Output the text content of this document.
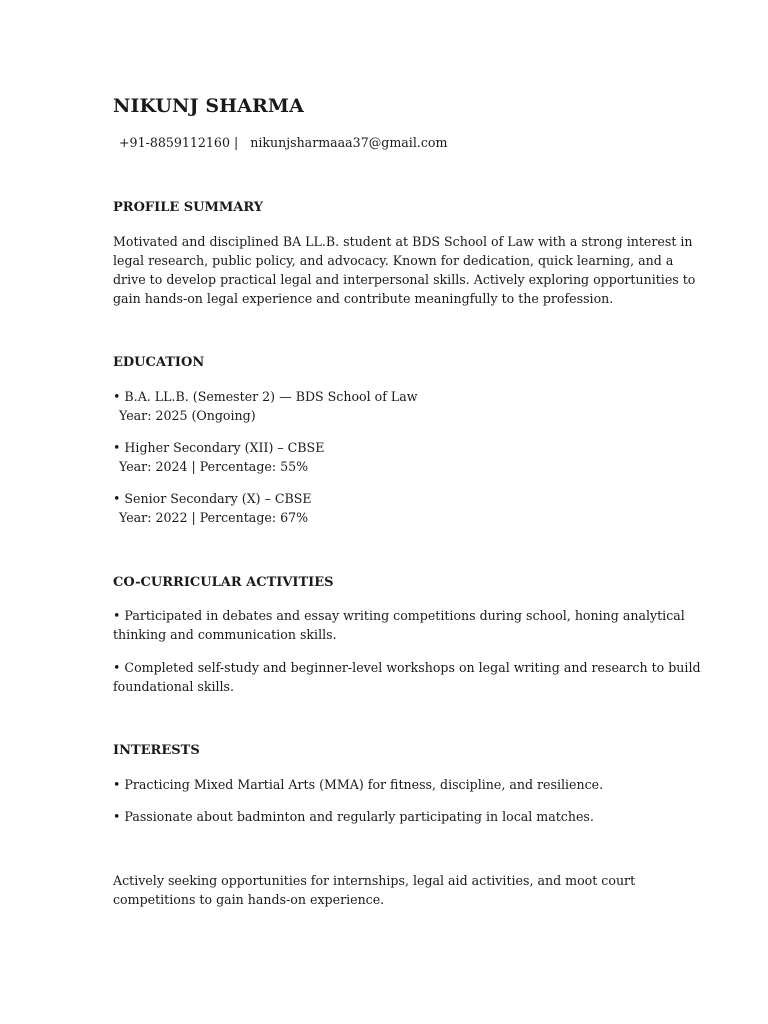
NIKUNJ SHARMA
+91-8859112160 |   nikunjsharmaaa37@gmail.com
PROFILE SUMMARY
Motivated and disciplined BA LL.B. student at BDS School of Law with a strong interest in
legal research, public policy, and advocacy. Known for dedication, quick learning, and a
drive to develop practical legal and interpersonal skills. Actively exploring opportunities to
gain hands-on legal experience and contribute meaningfully to the profession.
EDUCATION
• B.A. LL.B. (Semester 2) — BDS School of Law
Year: 2025 (Ongoing)
• Higher Secondary (XII) – CBSE
Year: 2024 | Percentage: 55%
• Senior Secondary (X) – CBSE
Year: 2022 | Percentage: 67%
CO-CURRICULAR ACTIVITIES
• Participated in debates and essay writing competitions during school, honing analytical
thinking and communication skills.
• Completed self-study and beginner-level workshops on legal writing and research to build
foundational skills.
INTERESTS
• Practicing Mixed Martial Arts (MMA) for fitness, discipline, and resilience.
• Passionate about badminton and regularly participating in local matches.
Actively seeking opportunities for internships, legal aid activities, and moot court
competitions to gain hands-on experience.
